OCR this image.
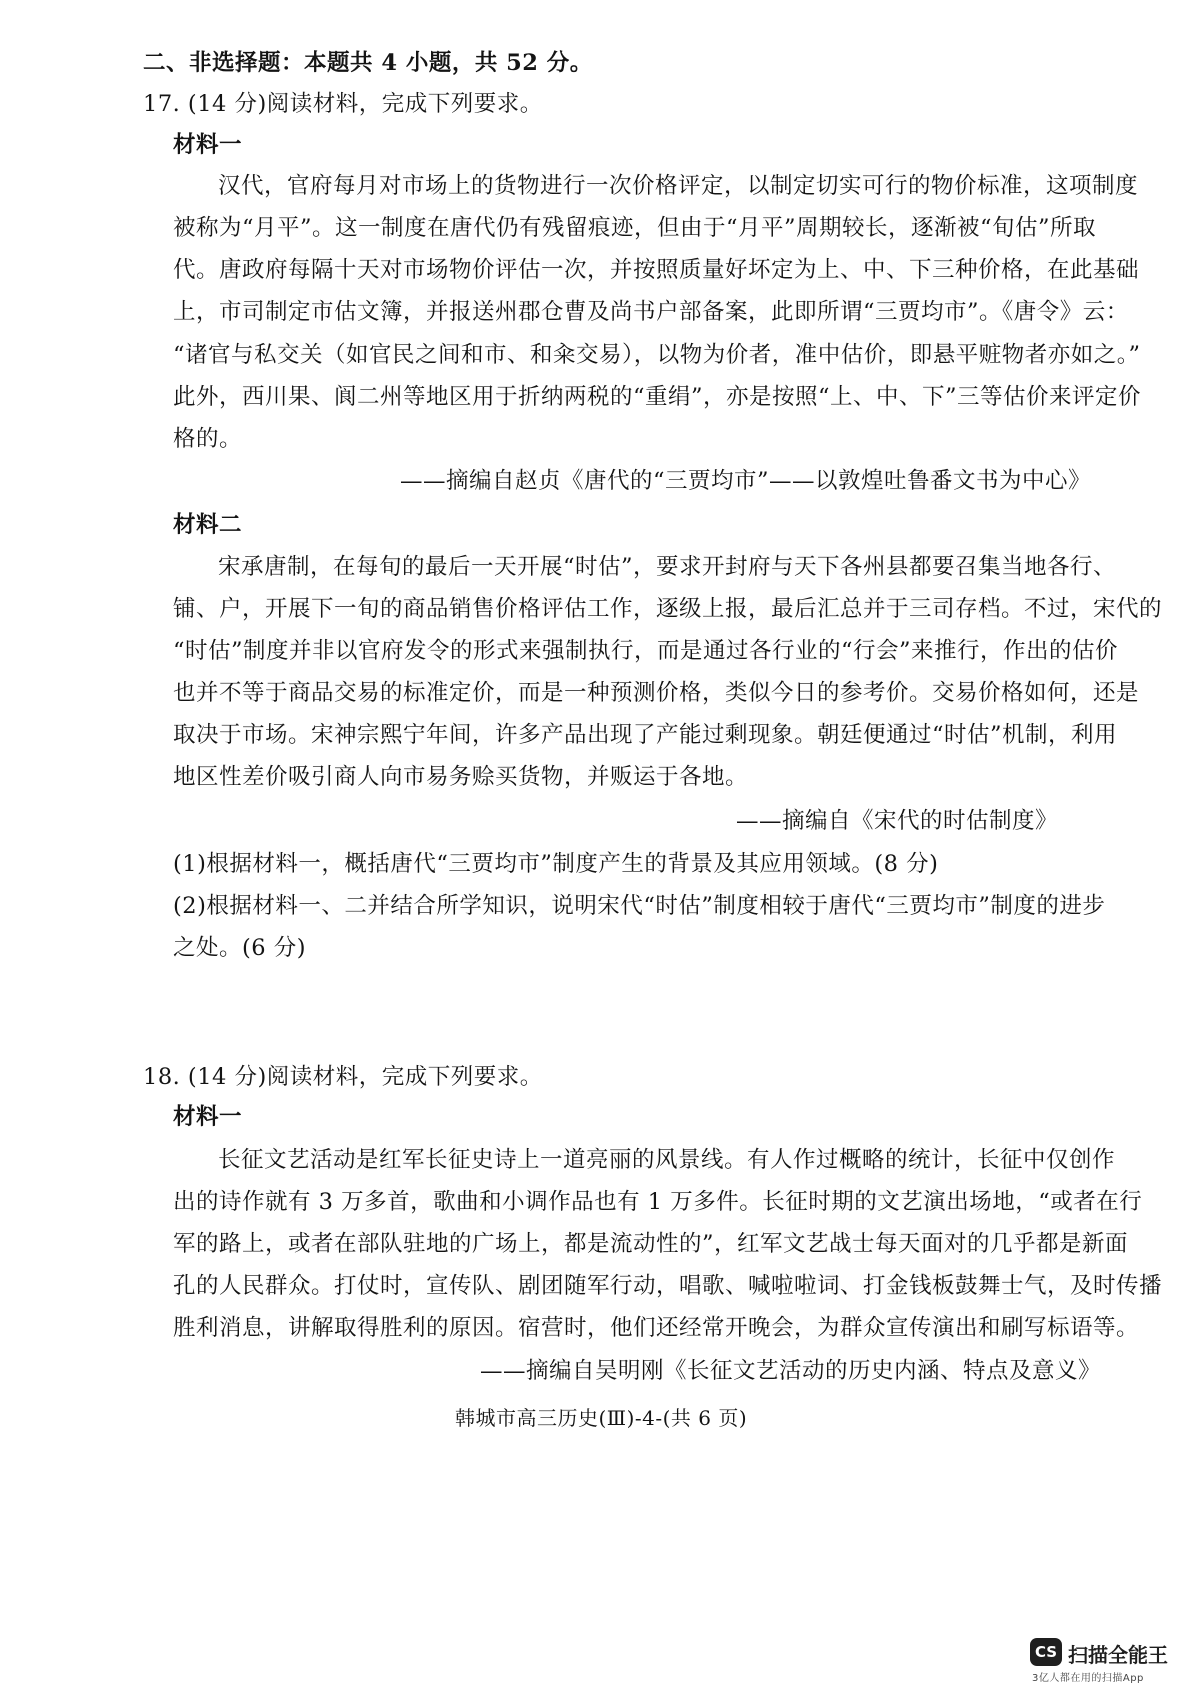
二、非选择题：本题共 4 小题，共 52 分。

17. (14 分)阅读材料，完成下列要求。

材料一

汉代，官府每月对市场上的货物进行一次价格评定，以制定切实可行的物价标准，这项制度

被称为“月平”。这一制度在唐代仍有残留痕迹，但由于“月平”周期较长，逐渐被“旬估”所取

代。唐政府每隔十天对市场物价评估一次，并按照质量好坏定为上、中、下三种价格，在此基础

上，市司制定市估文簿，并报送州郡仓曹及尚书户部备案，此即所谓“三贾均市”。《唐令》云：

“诸官与私交关（如官民之间和市、和籴交易），以物为价者，准中估价，即悬平赃物者亦如之。”

此外，西川果、阆二州等地区用于折纳两税的“重绢”，亦是按照“上、中、下”三等估价来评定价

格的。

——摘编自赵贞《唐代的“三贾均市”——以敦煌吐鲁番文书为中心》

材料二

宋承唐制，在每旬的最后一天开展“时估”，要求开封府与天下各州县都要召集当地各行、

铺、户，开展下一旬的商品销售价格评估工作，逐级上报，最后汇总并于三司存档。不过，宋代的

“时估”制度并非以官府发令的形式来强制执行，而是通过各行业的“行会”来推行，作出的估价

也并不等于商品交易的标准定价，而是一种预测价格，类似今日的参考价。交易价格如何，还是

取决于市场。宋神宗熙宁年间，许多产品出现了产能过剩现象。朝廷便通过“时估”机制，利用

地区性差价吸引商人向市易务赊买货物，并贩运于各地。

——摘编自《宋代的时估制度》

(1)根据材料一，概括唐代“三贾均市”制度产生的背景及其应用领域。(8 分)

(2)根据材料一、二并结合所学知识，说明宋代“时估”制度相较于唐代“三贾均市”制度的进步

之处。(6 分)

18. (14 分)阅读材料，完成下列要求。

材料一

长征文艺活动是红军长征史诗上一道亮丽的风景线。有人作过概略的统计，长征中仅创作

出的诗作就有 3 万多首，歌曲和小调作品也有 1 万多件。长征时期的文艺演出场地，“或者在行

军的路上，或者在部队驻地的广场上，都是流动性的”，红军文艺战士每天面对的几乎都是新面

孔的人民群众。打仗时，宣传队、剧团随军行动，唱歌、喊啦啦词、打金钱板鼓舞士气，及时传播

胜利消息，讲解取得胜利的原因。宿营时，他们还经常开晚会，为群众宣传演出和刷写标语等。

——摘编自吴明刚《长征文艺活动的历史内涵、特点及意义》

韩城市高三历史(Ⅲ)-4-(共 6 页)

CS 扫描全能王
3亿人都在用的扫描App
